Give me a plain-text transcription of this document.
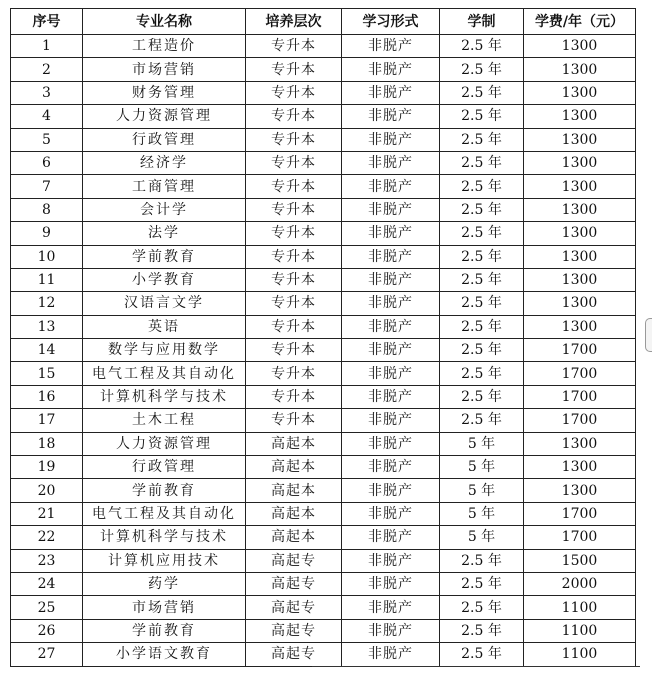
序号	专业名称	培养层次	学习形式	学制	学费/年（元）
1	工程造价	专升本	非脱产	2.5 年	1300
2	市场营销	专升本	非脱产	2.5 年	1300
3	财务管理	专升本	非脱产	2.5 年	1300
4	人力资源管理	专升本	非脱产	2.5 年	1300
5	行政管理	专升本	非脱产	2.5 年	1300
6	经济学	专升本	非脱产	2.5 年	1300
7	工商管理	专升本	非脱产	2.5 年	1300
8	会计学	专升本	非脱产	2.5 年	1300
9	法学	专升本	非脱产	2.5 年	1300
10	学前教育	专升本	非脱产	2.5 年	1300
11	小学教育	专升本	非脱产	2.5 年	1300
12	汉语言文学	专升本	非脱产	2.5 年	1300
13	英语	专升本	非脱产	2.5 年	1300
14	数学与应用数学	专升本	非脱产	2.5 年	1700
15	电气工程及其自动化	专升本	非脱产	2.5 年	1700
16	计算机科学与技术	专升本	非脱产	2.5 年	1700
17	土木工程	专升本	非脱产	2.5 年	1700
18	人力资源管理	高起本	非脱产	5 年	1300
19	行政管理	高起本	非脱产	5 年	1300
20	学前教育	高起本	非脱产	5 年	1300
21	电气工程及其自动化	高起本	非脱产	5 年	1700
22	计算机科学与技术	高起本	非脱产	5 年	1700
23	计算机应用技术	高起专	非脱产	2.5 年	1500
24	药学	高起专	非脱产	2.5 年	2000
25	市场营销	高起专	非脱产	2.5 年	1100
26	学前教育	高起专	非脱产	2.5 年	1100
27	小学语文教育	高起专	非脱产	2.5 年	1100
